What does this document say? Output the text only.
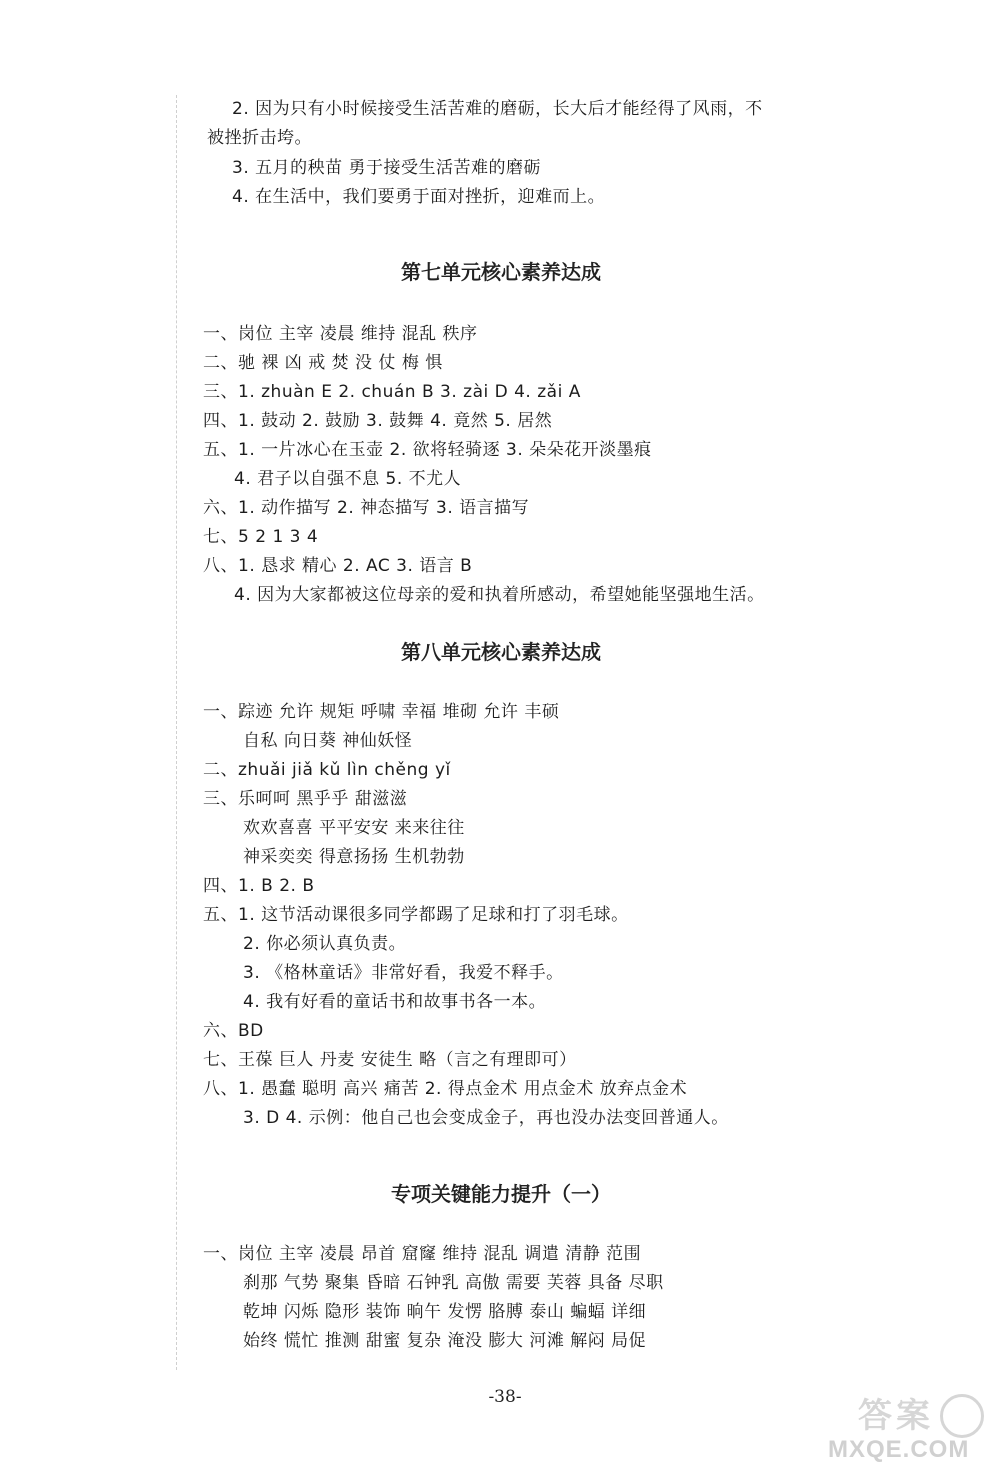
2. 因为只有小时候接受生活苦难的磨砺，长大后才能经得了风雨，不
被挫折击垮。
3. 五月的秧苗 勇于接受生活苦难的磨砺
4. 在生活中，我们要勇于面对挫折，迎难而上。
第七单元核心素养达成
一、岗位 主宰 凌晨 维持 混乱 秩序
二、驰 裸 凶 戒 焚 没 仗 梅 惧
三、1. zhuàn E 2. chuán B 3. zài D 4. zǎi A
四、1. 鼓动 2. 鼓励 3. 鼓舞 4. 竟然 5. 居然
五、1. 一片冰心在玉壶 2. 欲将轻骑逐 3. 朵朵花开淡墨痕
4. 君子以自强不息 5. 不尤人
六、1. 动作描写 2. 神态描写 3. 语言描写
七、5 2 1 3 4
八、1. 恳求 精心 2. AC 3. 语言 B
4. 因为大家都被这位母亲的爱和执着所感动，希望她能坚强地生活。
第八单元核心素养达成
一、踪迹 允许 规矩 呼啸 幸福 堆砌 允许 丰硕
自私 向日葵 神仙妖怪
二、zhuǎi jiǎ kǔ lìn chěng yǐ
三、乐呵呵 黑乎乎 甜滋滋
欢欢喜喜 平平安安 来来往往
神采奕奕 得意扬扬 生机勃勃
四、1. B 2. B
五、1. 这节活动课很多同学都踢了足球和打了羽毛球。
2. 你必须认真负责。
3. 《格林童话》非常好看，我爱不释手。
4. 我有好看的童话书和故事书各一本。
六、BD
七、王葆 巨人 丹麦 安徒生 略（言之有理即可）
八、1. 愚蠢 聪明 高兴 痛苦 2. 得点金术 用点金术 放弃点金术
3. D 4. 示例：他自己也会变成金子，再也没办法变回普通人。
专项关键能力提升（一）
一、岗位 主宰 凌晨 昂首 窟窿 维持 混乱 调遣 清静 范围
刹那 气势 聚集 昏暗 石钟乳 高傲 需要 芙蓉 具备 尽职
乾坤 闪烁 隐形 装饰 晌午 发愣 胳膊 泰山 蝙蝠 详细
始终 慌忙 推测 甜蜜 复杂 淹没 膨大 河滩 解闷 局促
-38-	答案
MXQE.COM
